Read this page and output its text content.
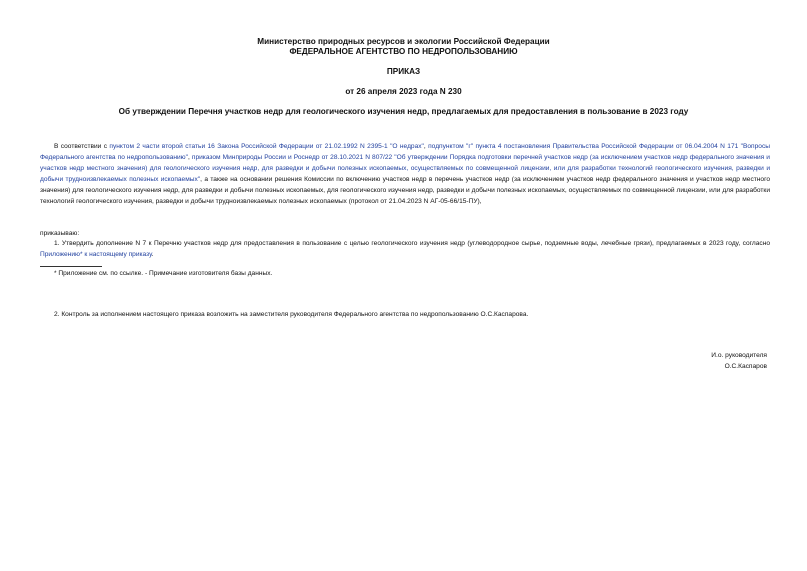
Министерство природных ресурсов и экологии Российской Федерации
ФЕДЕРАЛЬНОЕ АГЕНТСТВО ПО НЕДРОПОЛЬЗОВАНИЮ
ПРИКАЗ
от 26 апреля 2023 года N 230
Об утверждении Перечня участков недр для геологического изучения недр, предлагаемых для предоставления в пользование в 2023 году

В соответствии с пунктом 2 части второй статьи 16 Закона Российской Федерации от 21.02.1992 N 2395-1 "О недрах", подпунктом "г" пункта 4 постановления Правительства Российской Федерации от 06.04.2004 N 171 "Вопросы Федерального агентства по недропользованию", приказом Минприроды России и Роснедр от 28.10.2021 N 807/22 "Об утверждении Порядка подготовки перечней участков недр (за исключением участков недр федерального значения и участков недр местного значения) для геологического изучения недр, для разведки и добычи полезных ископаемых, осуществляемых по совмещенной лицензии, или для разработки технологий геологического изучения, разведки и добычи трудноизвлекаемых полезных ископаемых", а также на основании решения Комиссии по включению участков недр в перечень участков недр (за исключением участков недр федерального значения и участков недр местного значения) для геологического изучения недр, для разведки и добычи полезных ископаемых, для геологического изучения недр, разведки и добычи полезных ископаемых, осуществляемых по совмещенной лицензии, или для разработки технологий геологического изучения, разведки и добычи трудноизвлекаемых полезных ископаемых (протокол от 21.04.2023 N АГ-05-66/15-ПУ),

приказываю:

1. Утвердить дополнение N 7 к Перечню участков недр для предоставления в пользование с целью геологического изучения недр (углеводородное сырье, подземные воды, лечебные грязи), предлагаемых в 2023 году, согласно Приложению* к настоящему приказу.

* Приложение см. по ссылке. - Примечание изготовителя базы данных.
2. Контроль за исполнением настоящего приказа возложить на заместителя руководителя Федерального агентства по недропользованию О.С.Каспарова.
И.о. руководителя
О.С.Каспаров
